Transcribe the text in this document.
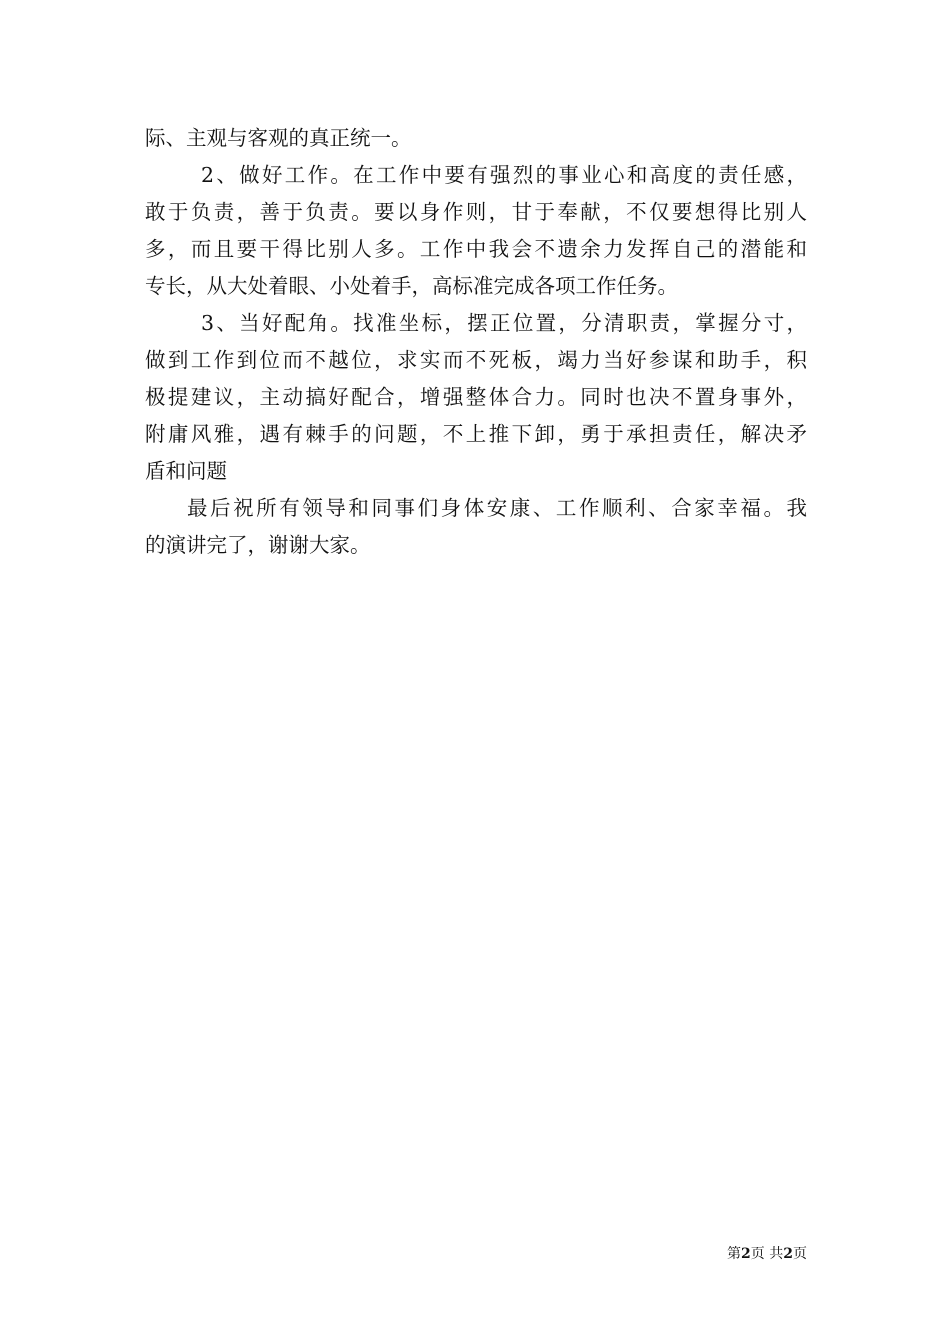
际、主观与客观的真正统一。
2、做好工作。在工作中要有强烈的事业心和高度的责任感，
敢于负责，善于负责。要以身作则，甘于奉献，不仅要想得比别人
多，而且要干得比别人多。工作中我会不遗余力发挥自己的潜能和
专长，从大处着眼、小处着手，高标准完成各项工作任务。
3、当好配角。找准坐标，摆正位置，分清职责，掌握分寸，
做到工作到位而不越位，求实而不死板，竭力当好参谋和助手，积
极提建议，主动搞好配合，增强整体合力。同时也决不置身事外，
附庸风雅，遇有棘手的问题，不上推下卸，勇于承担责任，解决矛
盾和问题
最后祝所有领导和同事们身体安康、工作顺利、合家幸福。我
的演讲完了，谢谢大家。
第2页 共2页
